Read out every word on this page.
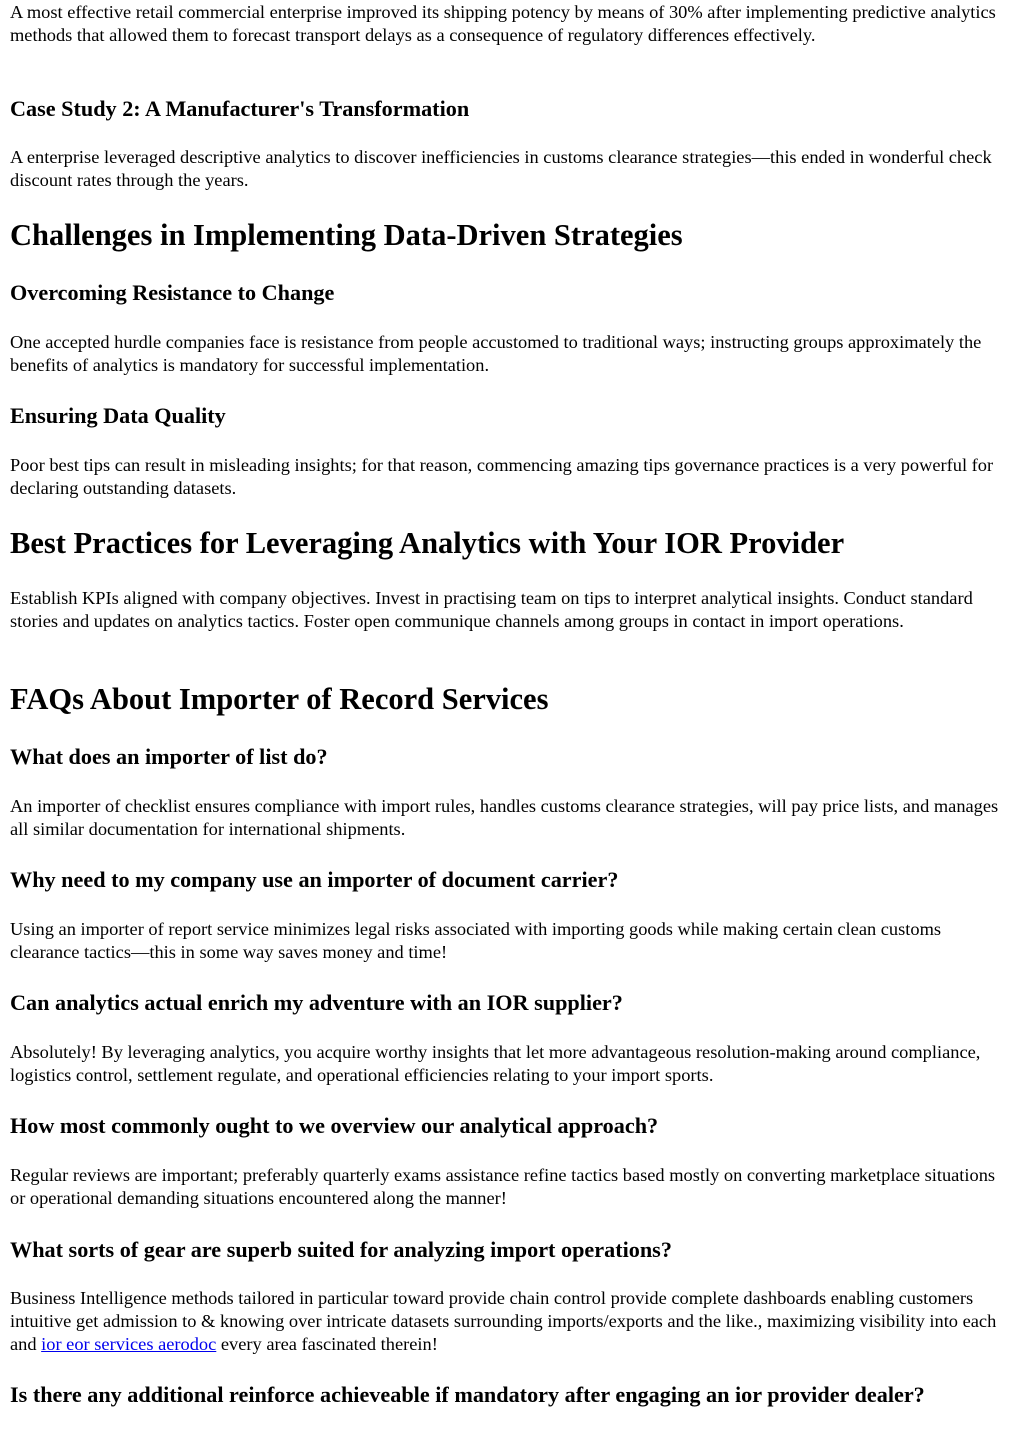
A most effective retail commercial enterprise improved its shipping potency by means of 30% after implementing predictive analytics methods that allowed them to forecast transport delays as a consequence of regulatory differences effectively.

Case Study 2: A Manufacturer's Transformation

A enterprise leveraged descriptive analytics to discover inefficiencies in customs clearance strategies—this ended in wonderful check discount rates through the years.

Challenges in Implementing Data-Driven Strategies
Overcoming Resistance to Change

One accepted hurdle companies face is resistance from people accustomed to traditional ways; instructing groups approximately the benefits of analytics is mandatory for successful implementation.

Ensuring Data Quality

Poor best tips can result in misleading insights; for that reason, commencing amazing tips governance practices is a very powerful for declaring outstanding datasets.

Best Practices for Leveraging Analytics with Your IOR Provider

Establish KPIs aligned with company objectives. Invest in practising team on tips to interpret analytical insights. Conduct standard stories and updates on analytics tactics. Foster open communique channels among groups in contact in import operations.

FAQs About Importer of Record Services
What does an importer of list do?

An importer of checklist ensures compliance with import rules, handles customs clearance strategies, will pay price lists, and manages all similar documentation for international shipments.

Why need to my company use an importer of document carrier?

Using an importer of report service minimizes legal risks associated with importing goods while making certain clean customs clearance tactics—this in some way saves money and time!

Can analytics actual enrich my adventure with an IOR supplier?

Absolutely! By leveraging analytics, you acquire worthy insights that let more advantageous resolution-making around compliance, logistics control, settlement regulate, and operational efficiencies relating to your import sports.

How most commonly ought to we overview our analytical approach?

Regular reviews are important; preferably quarterly exams assistance refine tactics based mostly on converting marketplace situations or operational demanding situations encountered along the manner!

What sorts of gear are superb suited for analyzing import operations?

Business Intelligence methods tailored in particular toward provide chain control provide complete dashboards enabling customers intuitive get admission to & knowing over intricate datasets surrounding imports/exports and the like., maximizing visibility into each and ior eor services aerodoc every area fascinated therein!

Is there any additional reinforce achieveable if mandatory after engaging an ior provider dealer?
